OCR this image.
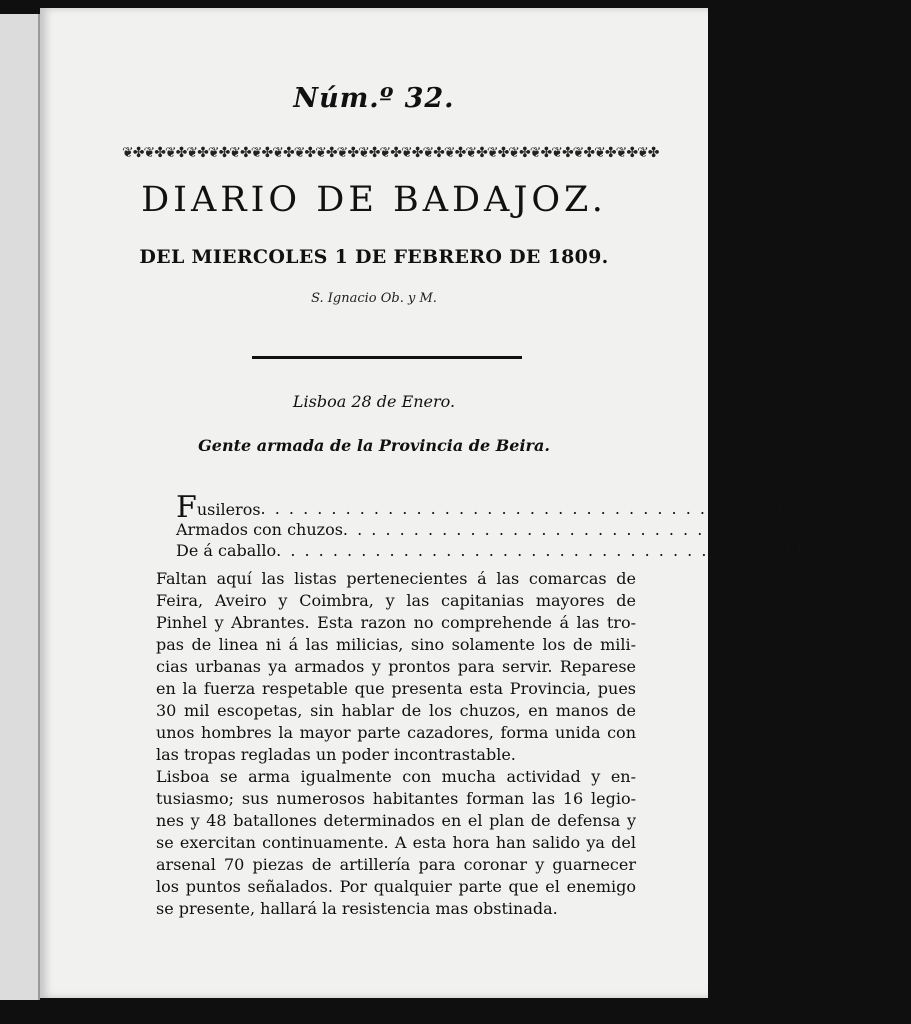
Núm.º 32.
❦✤❦✤❦✤❦✤❦✤❦✤❦✤❦✤❦✤❦✤❦✤❦✤❦✤❦✤❦✤❦✤❦✤❦✤❦✤❦✤❦✤❦✤❦✤❦✤❦✤
DIARIO DE BADAJOZ.
DEL MIERCOLES 1 DE FEBRERO DE 1809.
S. Ignacio Ob. y M.
Lisboa 28 de Enero.
Gente armada de la Provincia de Beira.
Fusileros . . . . . . . . . . . . . . . . . . . . . . . . . . . . . . . . . . . . 30$975
Armados con chuzos . . . . . . . . . . . . . . . . . . . . . . . . . . . . . . . . . . . . 39$602
De á caballo . . . . . . . . . . . . . . . . . . . . . . . . . . . . . . . . . . . . 118

Faltan aquí las listas pertenecientes á las comarcas de
Feira, Aveiro y Coimbra, y las capitanias mayores de
Pinhel y Abrantes. Esta razon no comprehende á las tro-
pas de linea ni á las milicias, sino solamente los de mili-
cias urbanas ya armados y prontos para servir. Reparese
en la fuerza respetable que presenta esta Provincia, pues
30 mil escopetas, sin hablar de los chuzos, en manos de
unos hombres la mayor parte cazadores, forma unida con
las tropas regladas un poder incontrastable.

Lisboa se arma igualmente con mucha actividad y en-
tusiasmo; sus numerosos habitantes forman las 16 legio-
nes y 48 batallones determinados en el plan de defensa y
se exercitan continuamente. A esta hora han salido ya del
arsenal 70 piezas de artillería para coronar y guarnecer
los puntos señalados. Por qualquier parte que el enemigo
se presente, hallará la resistencia mas obstinada.
